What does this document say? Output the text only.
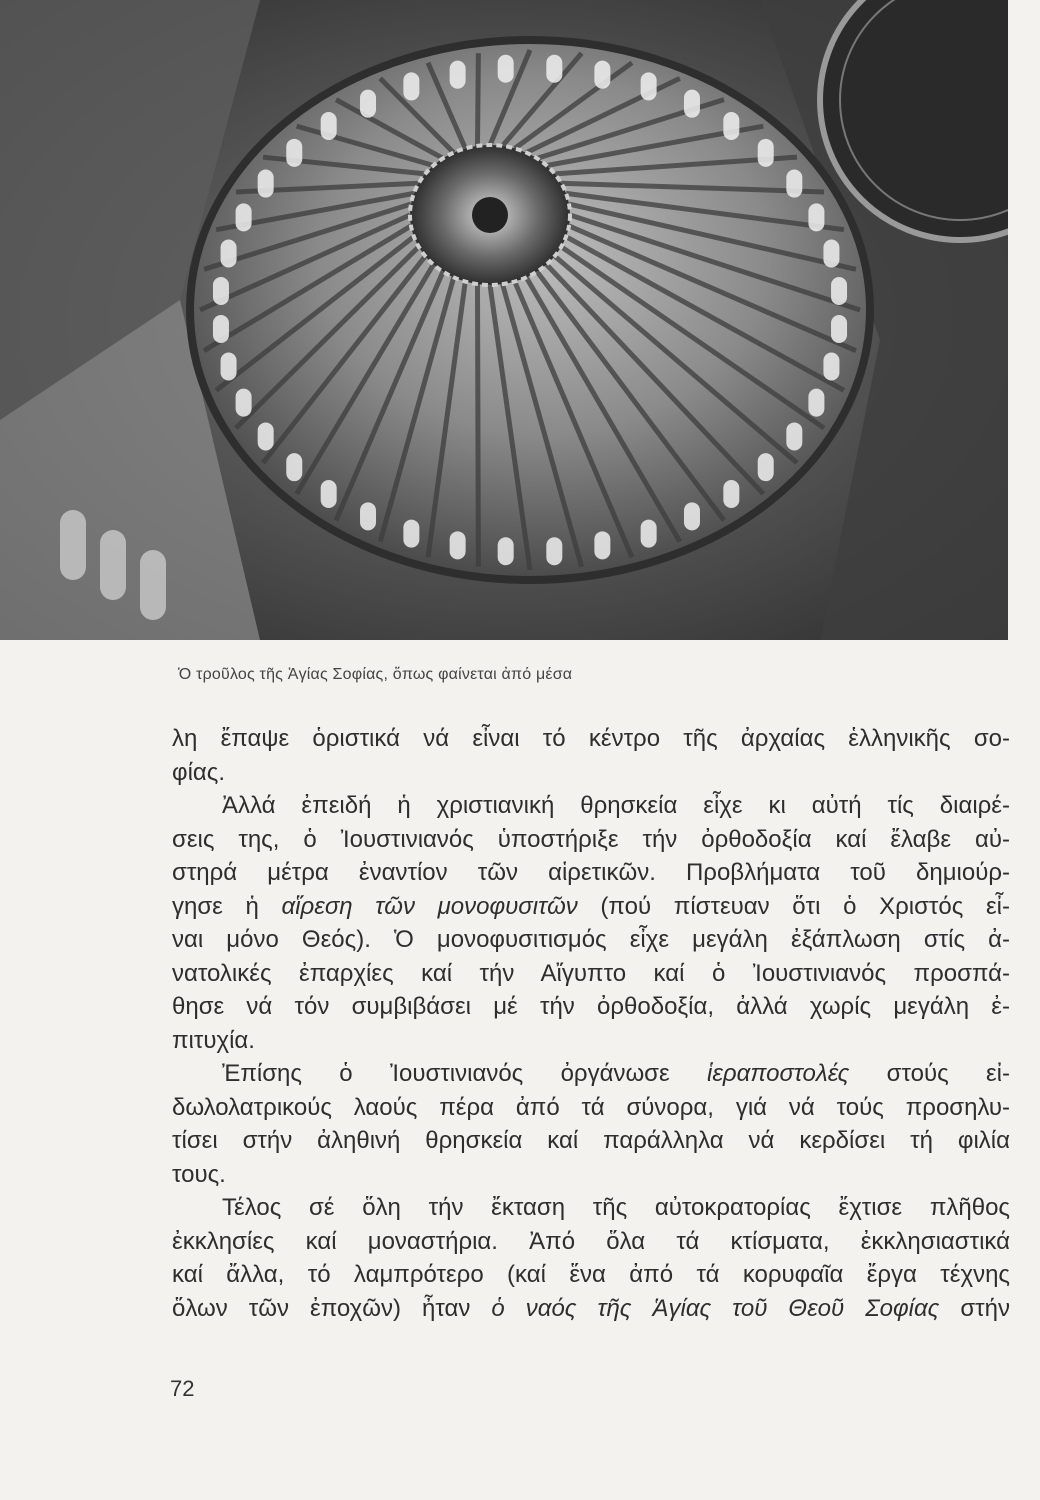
Ὁ τροῦλος τῆς Ἁγίας Σοφίας, ὅπως φαίνεται ἀπό μέσα

λη ἔπαψε ὁριστικά νά εἶναι τό κέντρο τῆς ἀρχαίας ἑλληνικῆς σο-
φίας.

Ἀλλά ἐπειδή ἡ χριστιανική θρησκεία εἶχε κι αὐτή τίς διαιρέ-
σεις της, ὁ Ἰουστινιανός ὑποστήριξε τήν ὀρθοδοξία καί ἔλαβε αὐ-
στηρά μέτρα ἐναντίον τῶν αἱρετικῶν. Προβλήματα τοῦ δημιούρ-
γησε ἡ αἵρεση τῶν μονοφυσιτῶν (πού πίστευαν ὅτι ὁ Χριστός εἶ-
ναι μόνο Θεός). Ὁ μονοφυσιτισμός εἶχε μεγάλη ἐξάπλωση στίς ἀ-
νατολικές ἐπαρχίες καί τήν Αἴγυπτο καί ὁ Ἰουστινιανός προσπά-
θησε νά τόν συμβιβάσει μέ τήν ὀρθοδοξία, ἀλλά χωρίς μεγάλη ἐ-
πιτυχία.

Ἐπίσης ὁ Ἰουστινιανός ὀργάνωσε ἱεραποστολές στούς εἰ-
δωλολατρικούς λαούς πέρα ἀπό τά σύνορα, γιά νά τούς προσηλυ-
τίσει στήν ἀληθινή θρησκεία καί παράλληλα νά κερδίσει τή φιλία
τους.

Τέλος σέ ὅλη τήν ἔκταση τῆς αὐτοκρατορίας ἔχτισε πλῆθος
ἐκκλησίες καί μοναστήρια. Ἀπό ὅλα τά κτίσματα, ἐκκλησιαστικά
καί ἄλλα, τό λαμπρότερο (καί ἕνα ἀπό τά κορυφαῖα ἔργα τέχνης
ὅλων τῶν ἐποχῶν) ἦταν ὁ ναός τῆς Ἁγίας τοῦ Θεοῦ Σοφίας στήν

72
